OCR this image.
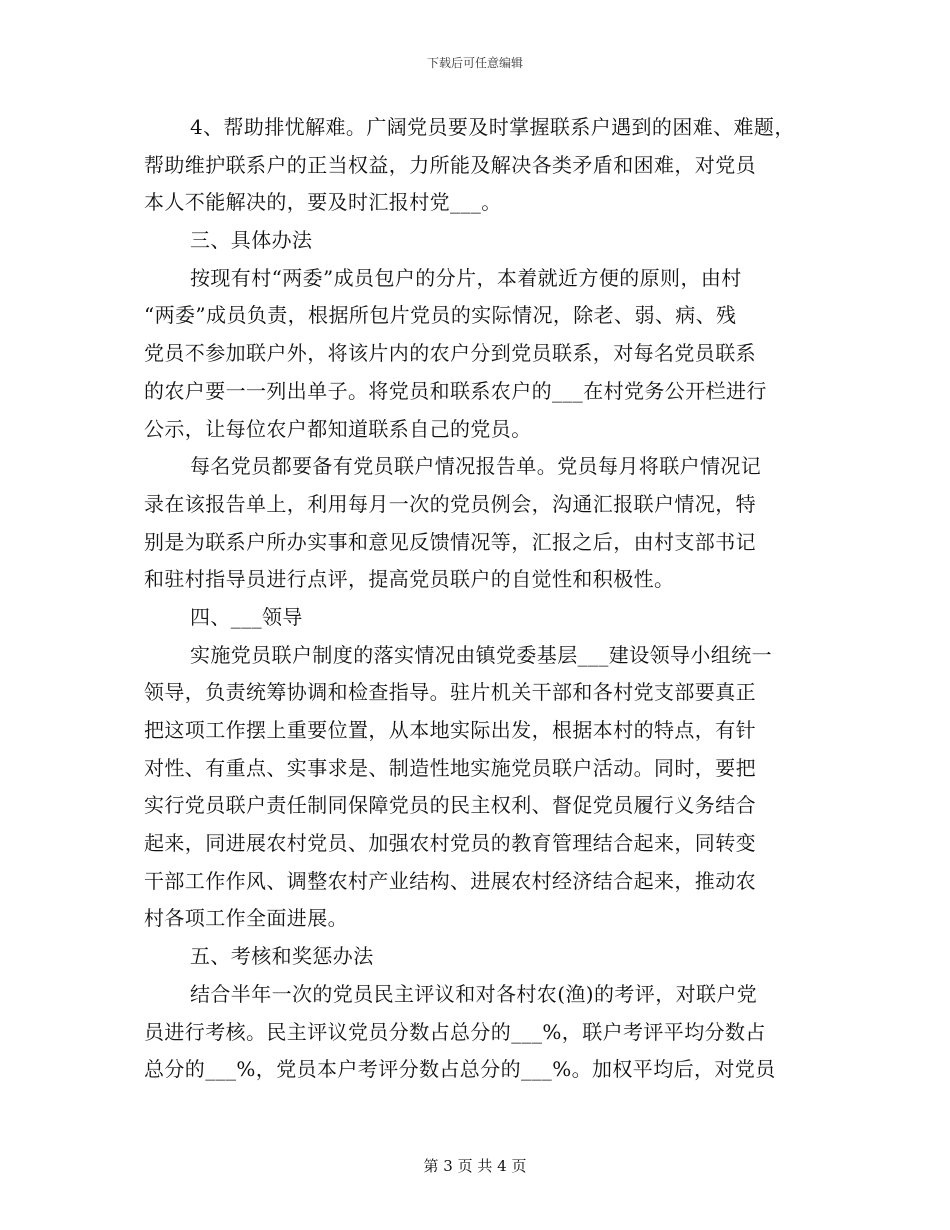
下载后可任意编辑
4、帮助排忧解难。广阔党员要及时掌握联系户遇到的困难、难题，
帮助维护联系户的正当权益，力所能及解决各类矛盾和困难，对党员
本人不能解决的，要及时汇报村党___。
三、具体办法
按现有村“两委”成员包户的分片，本着就近方便的原则，由村
“两委”成员负责，根据所包片党员的实际情况，除老、弱、病、残
党员不参加联户外，将该片内的农户分到党员联系，对每名党员联系
的农户要一一列出单子。将党员和联系农户的___在村党务公开栏进行
公示，让每位农户都知道联系自己的党员。
每名党员都要备有党员联户情况报告单。党员每月将联户情况记
录在该报告单上，利用每月一次的党员例会，沟通汇报联户情况，特
别是为联系户所办实事和意见反馈情况等，汇报之后，由村支部书记
和驻村指导员进行点评，提高党员联户的自觉性和积极性。
四、___领导
实施党员联户制度的落实情况由镇党委基层___建设领导小组统一
领导，负责统筹协调和检查指导。驻片机关干部和各村党支部要真正
把这项工作摆上重要位置，从本地实际出发，根据本村的特点，有针
对性、有重点、实事求是、制造性地实施党员联户活动。同时，要把
实行党员联户责任制同保障党员的民主权利、督促党员履行义务结合
起来，同进展农村党员、加强农村党员的教育管理结合起来，同转变
干部工作作风、调整农村产业结构、进展农村经济结合起来，推动农
村各项工作全面进展。
五、考核和奖惩办法
结合半年一次的党员民主评议和对各村农(渔)的考评，对联户党
员进行考核。民主评议党员分数占总分的___%，联户考评平均分数占
总分的___%，党员本户考评分数占总分的___%。加权平均后，对党员
第 3 页 共 4 页
